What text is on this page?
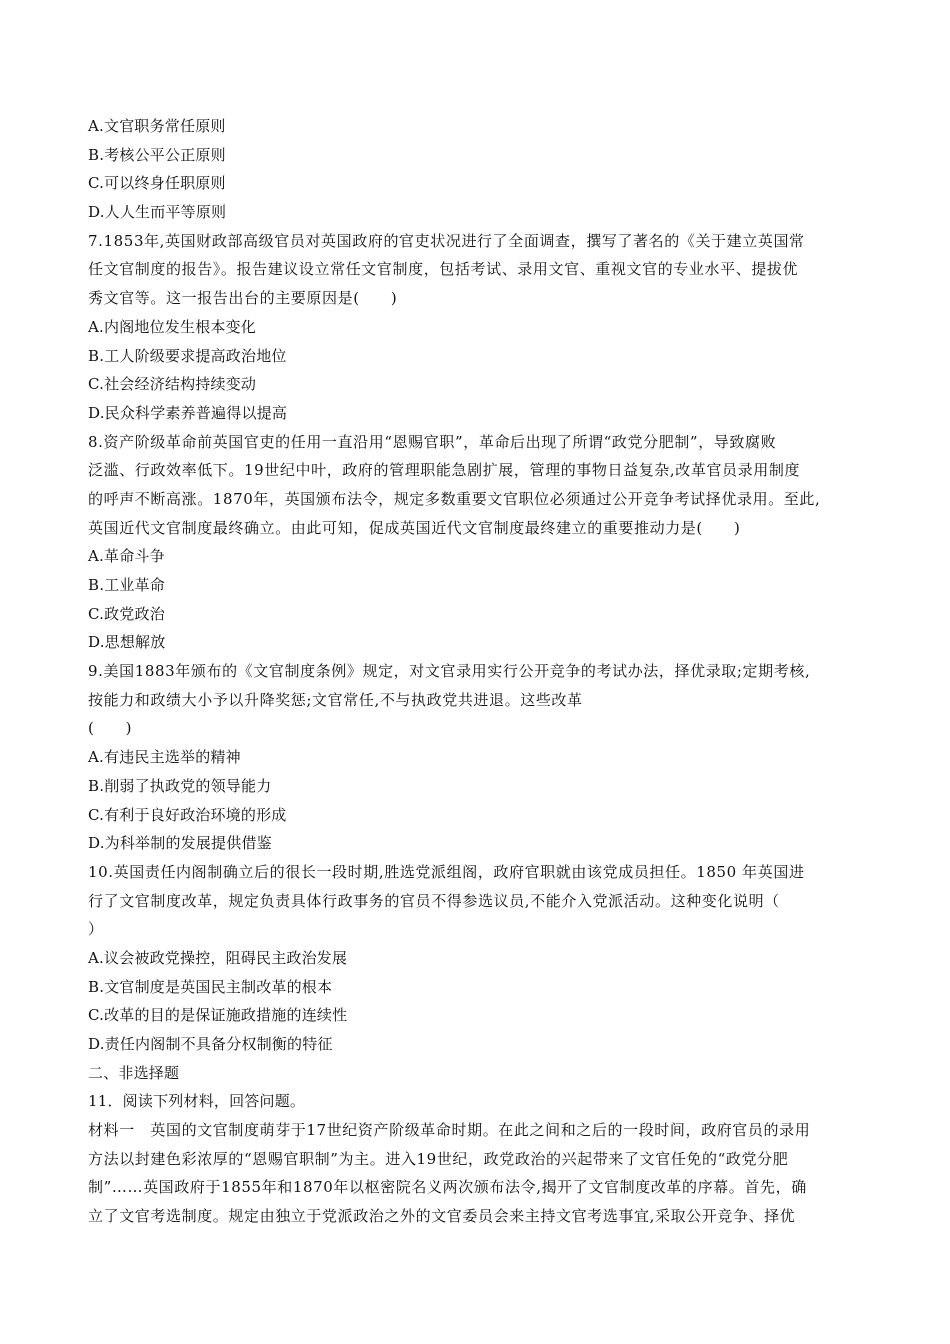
A.文官职务常任原则
B.考核公平公正原则
C.可以终身任职原则
D.人人生而平等原则
7.1853年,英国财政部高级官员对英国政府的官吏状况进行了全面调查，撰写了著名的《关于建立英国常
任文官制度的报告》。报告建议设立常任文官制度，包括考试、录用文官、重视文官的专业水平、提拔优
秀文官等。这一报告出台的主要原因是(　　)
A.内阁地位发生根本变化
B.工人阶级要求提高政治地位
C.社会经济结构持续变动
D.民众科学素养普遍得以提高
8.资产阶级革命前英国官吏的任用一直沿用“恩赐官职”，革命后出现了所谓“政党分肥制”，导致腐败
泛滥、行政效率低下。19世纪中叶，政府的管理职能急剧扩展，管理的事物日益复杂,改革官员录用制度
的呼声不断高涨。1870年，英国颁布法令，规定多数重要文官职位必须通过公开竞争考试择优录用。至此,
英国近代文官制度最终确立。由此可知，促成英国近代文官制度最终建立的重要推动力是(　　)
A.革命斗争
B.工业革命
C.政党政治
D.思想解放
9.美国1883年颁布的《文官制度条例》规定，对文官录用实行公开竞争的考试办法，择优录取;定期考核,
按能力和政绩大小予以升降奖惩;文官常任,不与执政党共进退。这些改革
(　　)
A.有违民主选举的精神
B.削弱了执政党的领导能力
C.有利于良好政治环境的形成
D.为科举制的发展提供借鉴
10.英国责任内阁制确立后的很长一段时期,胜选党派组阁，政府官职就由该党成员担任。1850 年英国进
行了文官制度改革，规定负责具体行政事务的官员不得参选议员,不能介入党派活动。这种变化说明（
）
A.议会被政党操控，阻碍民主政治发展
B.文官制度是英国民主制改革的根本
C.改革的目的是保证施政措施的连续性
D.责任内阁制不具备分权制衡的特征
二、非选择题
11．阅读下列材料，回答问题。
材料一　英国的文官制度萌芽于17世纪资产阶级革命时期。在此之间和之后的一段时间，政府官员的录用
方法以封建色彩浓厚的“恩赐官职制”为主。进入19世纪，政党政治的兴起带来了文官任免的“政党分肥
制”……英国政府于1855年和1870年以枢密院名义两次颁布法令,揭开了文官制度改革的序幕。首先，确
立了文官考选制度。规定由独立于党派政治之外的文官委员会来主持文官考选事宜,采取公开竞争、择优
